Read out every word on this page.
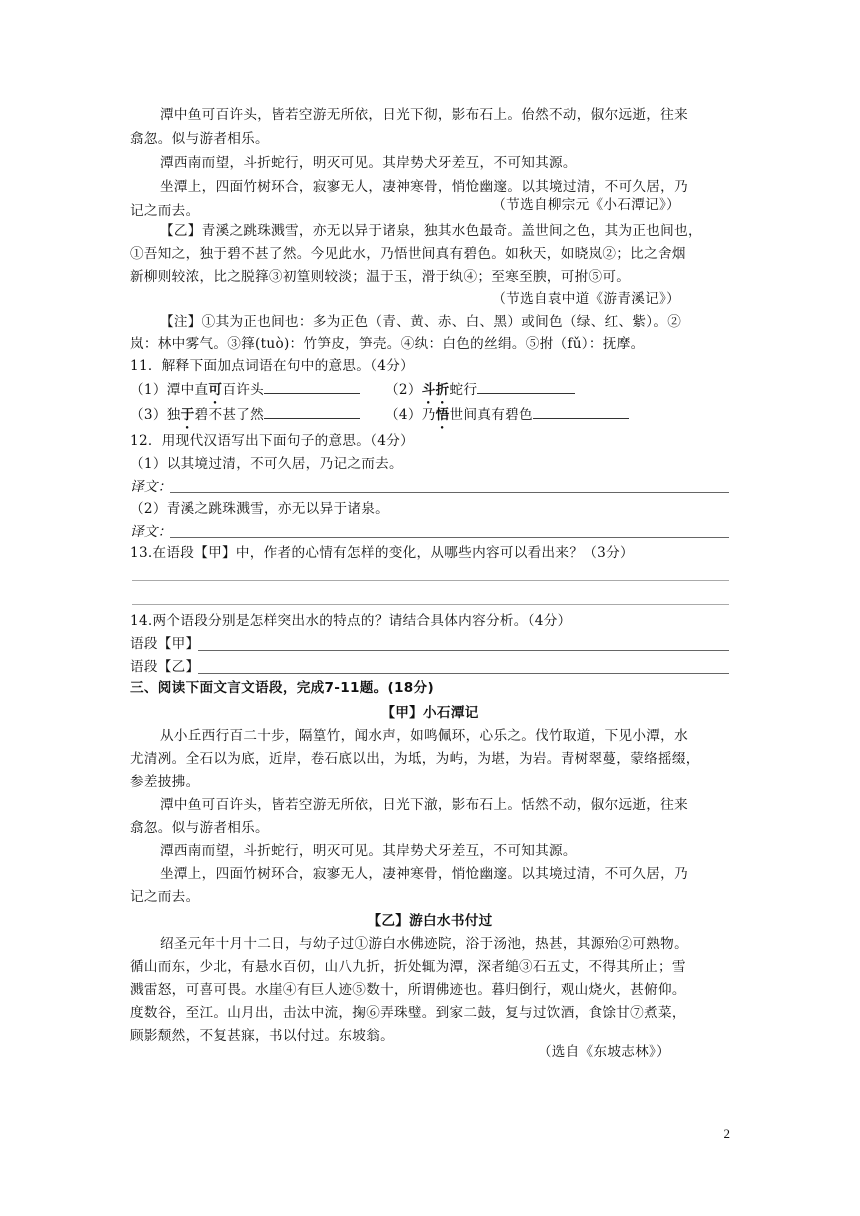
潭中鱼可百许头，皆若空游无所依，日光下彻，影布石上。佁然不动，俶尔远逝，往来
翕忽。似与游者相乐。
潭西南而望，斗折蛇行，明灭可见。其岸势犬牙差互，不可知其源。
坐潭上，四面竹树环合，寂寥无人，凄神寒骨，悄怆幽邃。以其境过清，不可久居，乃
记之而去。	（节选自柳宗元《小石潭记》）
【乙】青溪之跳珠溅雪，亦无以异于诸泉，独其水色最奇。盖世间之色，其为正也间也，
①吾知之，独于碧不甚了然。今见此水，乃悟世间真有碧色。如秋天，如晓岚②；比之舍烟
新柳则较浓，比之脱箨③初篁则较淡；温于玉，滑于纨④；至寒至腴，可拊⑤可。
（节选自袁中道《游青溪记》）
【注】①其为正也间也：多为正色（青、黄、赤、白、黑）或间色（绿、红、紫）。②
岚：林中雾气。③箨(tuò)：竹笋皮，笋壳。④纨：白色的丝绢。⑤拊（fǔ）：抚摩。
11．解释下面加点词语在句中的意思。（4分）
（1）潭中直可百许头	（2）斗折蛇行
（3）独于碧不甚了然	（4）乃悟世间真有碧色
12．用现代汉语写出下面句子的意思。（4分）
（1）以其境过清，不可久居，乃记之而去。
译文：
（2）青溪之跳珠溅雪，亦无以异于诸泉。
译文：
13.在语段【甲】中，作者的心情有怎样的变化，从哪些内容可以看出来？（3分）
14.两个语段分别是怎样突出水的特点的？请结合具体内容分析。（4分）
语段【甲】
语段【乙】
三、阅读下面文言文语段，完成7-11题。(18分)
【甲】小石潭记
从小丘西行百二十步，隔篁竹，闻水声，如鸣佩环，心乐之。伐竹取道，下见小潭，水
尤清冽。全石以为底，近岸，卷石底以出，为坻，为屿，为堪，为岩。青树翠蔓，蒙络摇缀，
参差披拂。
潭中鱼可百许头，皆若空游无所依，日光下澈，影布石上。恬然不动，俶尔远逝，往来
翕忽。似与游者相乐。
潭西南而望，斗折蛇行，明灭可见。其岸势犬牙差互，不可知其源。
坐潭上，四面竹树环合，寂寥无人，凄神寒骨，悄怆幽邃。以其境过清，不可久居，乃
记之而去。
【乙】游白水书付过
绍圣元年十月十二日，与幼子过①游白水佛迹院，浴于汤池，热甚，其源殆②可熟物。
循山而东，少北，有悬水百仞，山八九折，折处辄为潭，深者缒③石五丈，不得其所止；雪
溅雷怒，可喜可畏。水崖④有巨人迹⑤数十，所谓佛迹也。暮归倒行，观山烧火，甚俯仰。
度数谷，至江。山月出，击汰中流，掬⑥弄珠璧。到家二鼓，复与过饮酒，食馀甘⑦煮菜，
顾影颓然，不复甚寐，书以付过。东坡翁。
（选自《东坡志林》）
2
